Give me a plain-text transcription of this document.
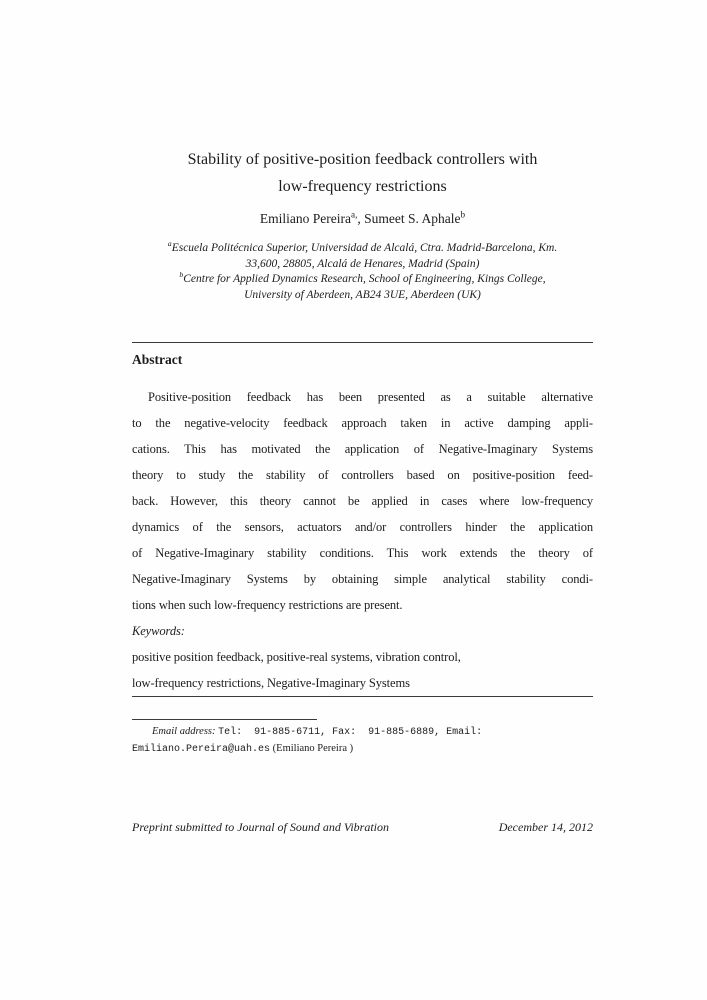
Stability of positive-position feedback controllers with
low-frequency restrictions
Emiliano Pereira$^{a,}$, Sumeet S. Aphale$^b$
$^a$Escuela Politécnica Superior, Universidad de Alcalá, Ctra. Madrid-Barcelona, Km.
33,600, 28805, Alcalá de Henares, Madrid (Spain)
$^b$Centre for Applied Dynamics Research, School of Engineering, Kings College,
University of Aberdeen, AB24 3UE, Aberdeen (UK)
Abstract
Positive-position feedback has been presented as a suitable alternative
to the negative-velocity feedback approach taken in active damping appli-
cations. This has motivated the application of Negative-Imaginary Systems
theory to study the stability of controllers based on positive-position feed-
back. However, this theory cannot be applied in cases where low-frequency
dynamics of the sensors, actuators and/or controllers hinder the application
of Negative-Imaginary stability conditions. This work extends the theory of
Negative-Imaginary Systems by obtaining simple analytical stability condi-
tions when such low-frequency restrictions are present.
Keywords:
positive position feedback, positive-real systems, vibration control,
low-frequency restrictions, Negative-Imaginary Systems
Email address: Tel:  91-885-6711, Fax:  91-885-6889, Email:
Emiliano.Pereira@uah.es (Emiliano Pereira )
Preprint submitted to Journal of Sound and Vibration	December 14, 2012
